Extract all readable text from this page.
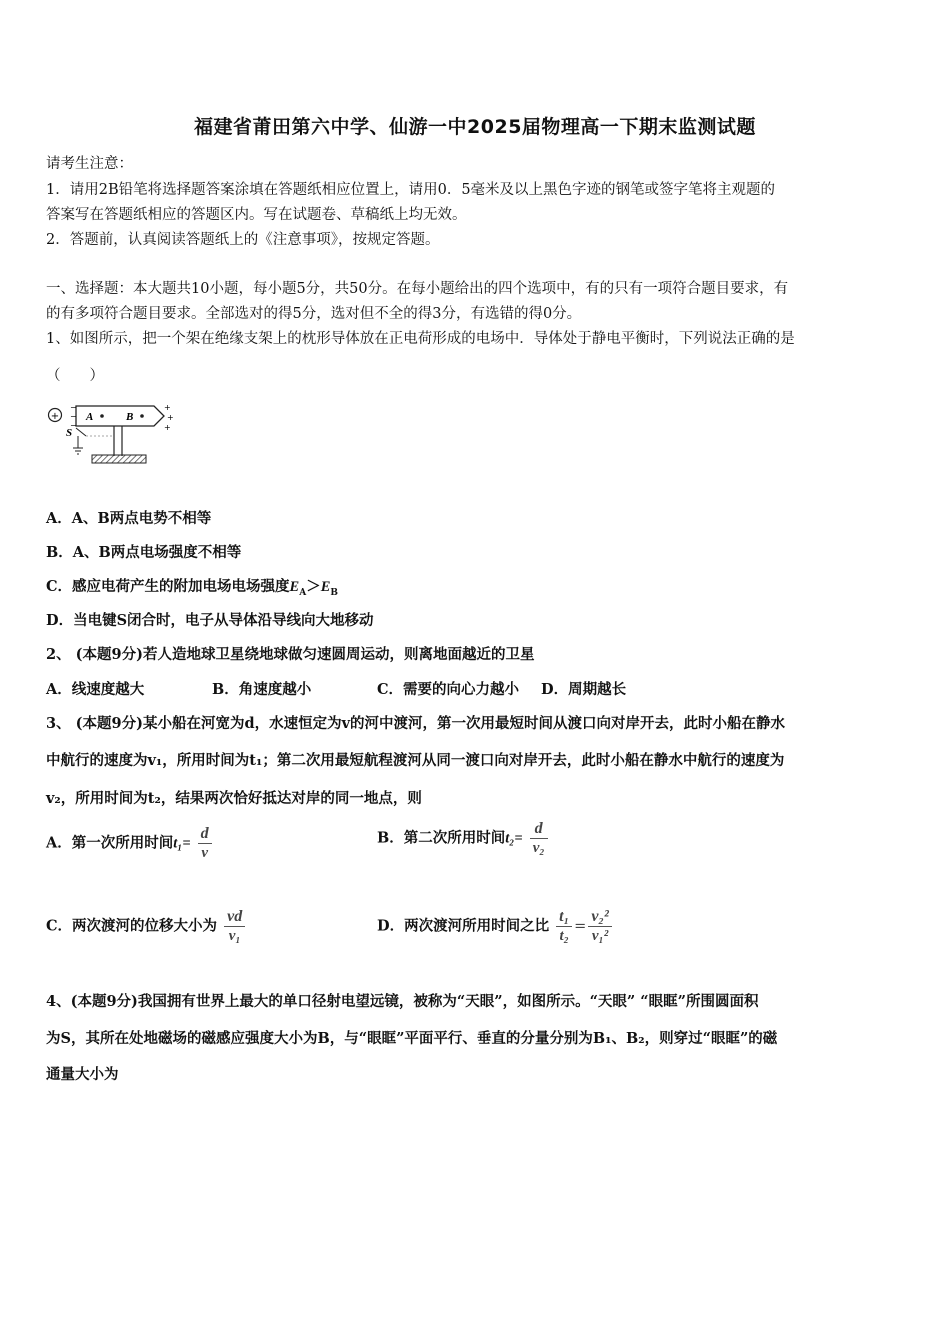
福建省莆田第六中学、仙游一中2025届物理高一下期末监测试题
请考生注意：
1．请用2B铅笔将选择题答案涂填在答题纸相应位置上，请用0．5毫米及以上黑色字迹的钢笔或签字笔将主观题的
答案写在答题纸相应的答题区内。写在试题卷、草稿纸上均无效。
2．答题前，认真阅读答题纸上的《注意事项》，按规定答题。
一、选择题：本大题共10小题，每小题5分，共50分。在每小题给出的四个选项中，有的只有一项符合题目要求，有
的有多项符合题目要求。全部选对的得5分，选对但不全的得3分，有选错的得0分。
1、如图所示，把一个架在绝缘支架上的枕形导体放在正电荷形成的电场中．导体处于静电平衡时，下列说法正确的是
（　　）
+ A	B
−
−
−
+
+
+
S
A．A、B两点电势不相等
B．A、B两点电场强度不相等
C．感应电荷产生的附加电场电场强度$E_A>E_B$
D．当电键S闭合时，电子从导体沿导线向大地移动
2、 (本题9分)若人造地球卫星绕地球做匀速圆周运动，则离地面越近的卫星
A．线速度越大	B．角速度越小	C．需要的向心力越小 D．周期越长
3、 (本题9分)某小船在河宽为d，水速恒定为v的河中渡河，第一次用最短时间从渡口向对岸开去，此时小船在静水
中航行的速度为v₁，所用时间为t₁；第二次用最短航程渡河从同一渡口向对岸开去，此时小船在静水中航行的速度为
v₂，所用时间为t₂，结果两次恰好抵达对岸的同一地点，则
A．第一次所用时间$t_1= \frac{d}{v}$	B．第二次所用时间$t_2= \frac{d}{\text{v₂}}$
C．两次渡河的位移大小为 $\frac{vd}{\text{v₁}}$	D．两次渡河所用时间之比 $\frac{\text{t₁}}{\text{t₂}} = \frac{\text{v₂²}}{\text{v₁²}}$
4、(本题9分)我国拥有世界上最大的单口径射电望远镜，被称为“天眼”，如图所示。“天眼” “眼眶”所围圆面积
为S，其所在处地磁场的磁感应强度大小为B，与“眼眶”平面平行、垂直的分量分别为B₁、B₂，则穿过“眼眶”的磁
通量大小为
